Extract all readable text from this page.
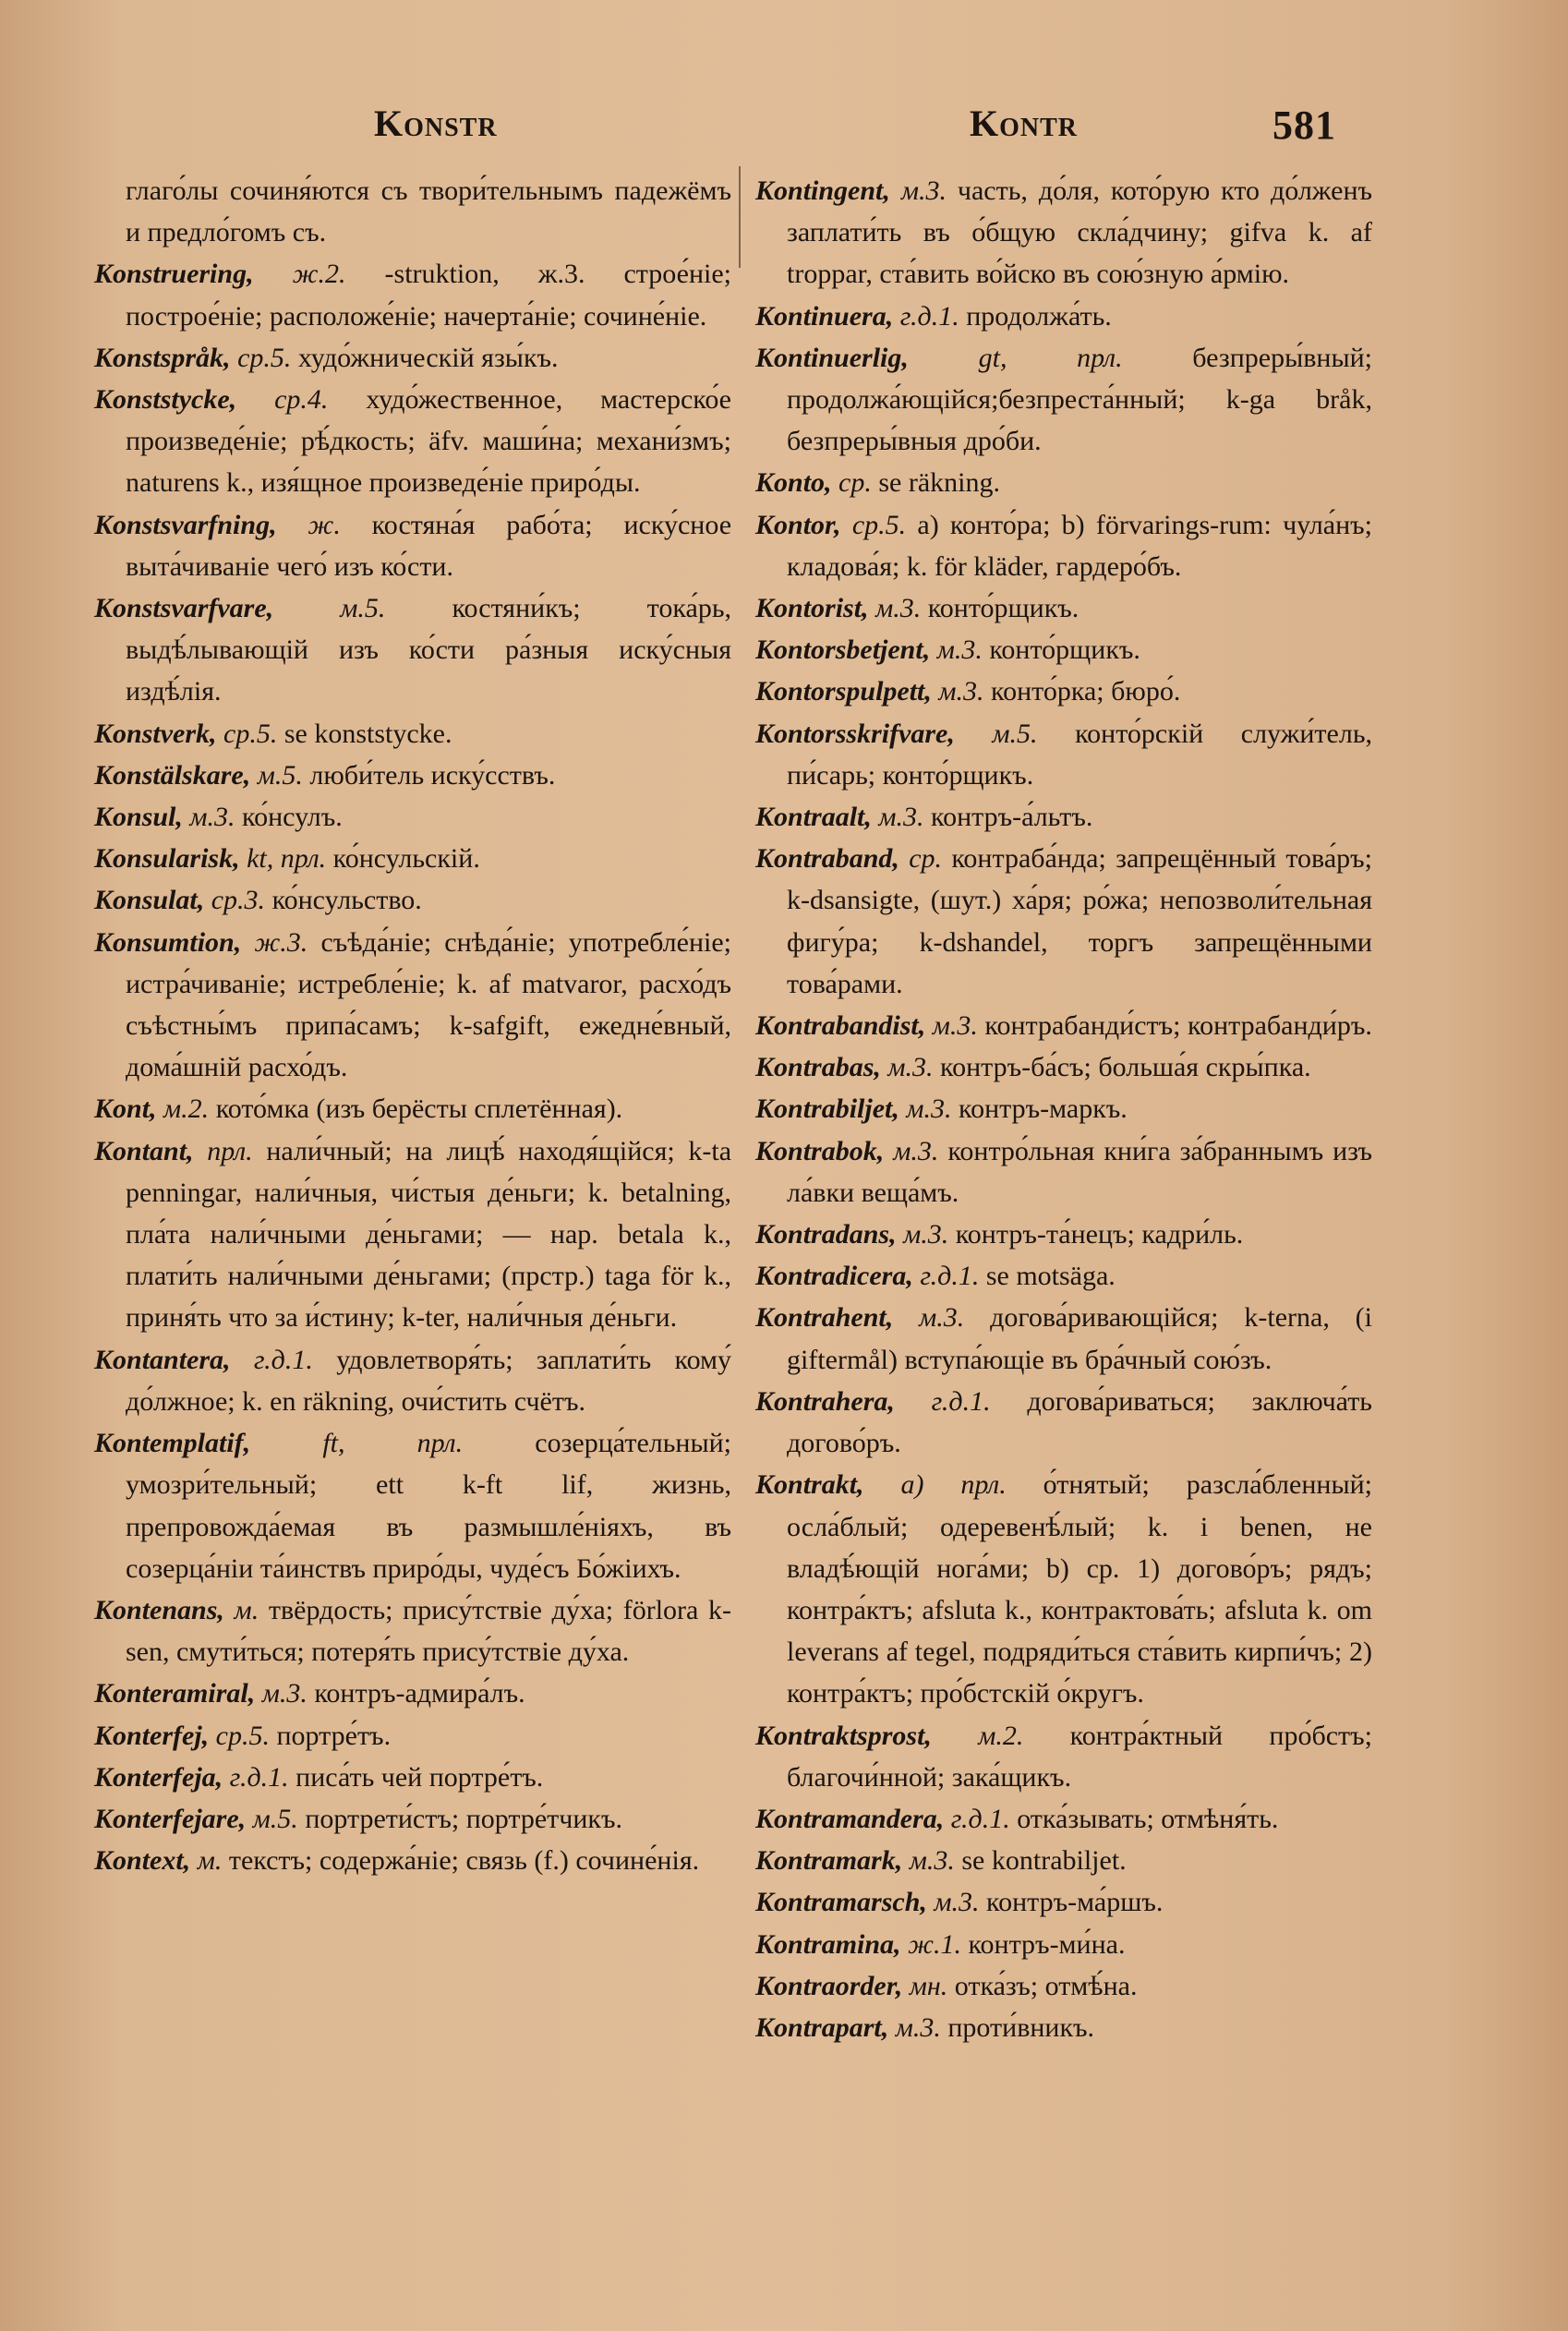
Konstr	Kontr	581

глаго́лы сочиня́ются съ твори́тельнымъ падежёмъ и предло́гомъ съ.

Konstruering, ж.2. -struktion, ж.3. строе́ніе; построе́ніе; расположе́ніе; начерта́ніе; сочине́ніе.

Konstspråk, ср.5. худо́жническій язы́къ.

Konststycke, ср.4. худо́жественное, мастерско́е произведе́ніе; рѣ́дкость; äfv. маши́на; механи́змъ; naturens k., изя́щное произведе́ніе приро́ды.

Konstsvarfning, ж. костяна́я рабо́та; иску́сное выта́чиваніе чего́ изъ ко́сти.

Konstsvarfvare, м.5. костяни́къ; тока́рь, выдѣ́лывающій изъ ко́сти ра́зныя иску́сныя издѣ́лія.

Konstverk, ср.5. se konststycke.

Konstälskare, м.5. люби́тель иску́сствъ.

Konsul, м.3. ко́нсулъ.

Konsularisk, kt, прл. ко́нсульскій.

Konsulat, ср.3. ко́нсульство.

Konsumtion, ж.3. съѣда́ніе; снѣда́ніе; употребле́ніе; истра́чиваніе; истребле́ніе; k. af matvaror, расхо́дъ съѣстны́мъ припа́самъ; k-safgift, ежедне́вный, дома́шній расхо́дъ.

Kont, м.2. кото́мка (изъ берёсты сплетённая).

Kontant, прл. нали́чный; на лицѣ́ находя́щійся; k-ta penningar, нали́чныя, чи́стыя де́ньги; k. betalning, пла́та нали́чными де́ньгами; — нар. betala k., плати́ть нали́чными де́ньгами; (прстр.) taga för k., приня́ть что за и́стину; k-ter, нали́чныя де́ньги.

Kontantera, г.д.1. удовлетворя́ть; заплати́ть кому́ до́лжное; k. en räkning, очи́стить счётъ.

Kontemplatif,	ft, прл.	созерца́тельный; умозри́тельный; ett k-ft lif, жизнь, препровожда́емая въ размышле́ніяхъ, въ созерца́ніи та́инствъ приро́ды, чуде́съ Бо́жіихъ.

Kontenans, м. твёрдость; прису́тствіе ду́ха; förlora k-sen, смути́ться; потеря́ть прису́тствіе ду́ха.

Konteramiral, м.3. контръ-адмира́лъ.

Konterfej, ср.5. портре́тъ.

Konterfeja, г.д.1. писа́ть чей портре́тъ.

Konterfejare, м.5. портрети́стъ; портре́тчикъ.

Kontext, м. текстъ; содержа́ніе; связь (f.) сочине́нія.

Kontingent, м.3. часть, до́ля, кото́рую кто до́лженъ заплати́ть въ о́бщую скла́дчину; gifva k. af troppar, ста́вить во́йско въ сою́зную а́рмію.

Kontinuera, г.д.1. продолжа́ть.

Kontinuerlig,	gt, прл.	безпреры́вный; продолжа́ющійся;безпреста́нный; k-ga bråk, безпреры́вныя дро́би.

Konto, ср. se räkning.

Kontor, ср.5. а) конто́ра; b) förvarings-rum: чула́нъ; кладова́я; k. för kläder, гардеро́бъ.

Kontorist, м.3. конто́рщикъ.

Kontorsbetjent, м.3. конто́рщикъ.

Kontorspulpett, м.3. конто́рка; бюро́.

Kontorsskrifvare, м.5. конто́рскій служи́тель, пи́сарь; конто́рщикъ.

Kontraalt, м.3. контръ-а́льтъ.

Kontraband, ср. контраба́нда; запрещённый това́ръ; k-dsansigte, (шут.) ха́ря; ро́жа; непозволи́тельная фигу́ра; k-dshandel, торгъ запрещёнными това́рами.

Kontrabandist, м.3. контрабанди́стъ; контрабанди́ръ.

Kontrabas, м.3. контръ-ба́съ; больша́я скры́пка.

Kontrabiljet, м.3. контръ-маркъ.

Kontrabok, м.3. контро́льная кни́га за́браннымъ изъ ла́вки веща́мъ.

Kontradans, м.3. контръ-та́нецъ; кадри́ль.

Kontradicera, г.д.1. se motsäga.

Kontrahent, м.3. догова́ривающійся; k-terna, (i giftermål) вступа́ющіе въ бра́чный сою́зъ.

Kontrahera, г.д.1. догова́риваться; заключа́ть догово́ръ.

Kontrakt, а) прл. о́тнятый; разсла́бленный; осла́блый; одеревенѣ́лый; k. i benen, не владѣ́ющій нога́ми; b) ср. 1) догово́ръ; рядъ; контра́ктъ; afsluta k., контрактова́ть; afsluta k. om leverans af tegel, подряди́ться ста́вить кирпи́чъ; 2) контра́ктъ; про́бстскій о́кругъ.

Kontraktsprost, м.2. контра́ктный про́бстъ; благочи́нной; зака́щикъ.

Kontramandera, г.д.1. отка́зывать; отмѣня́ть.

Kontramark, м.3. se kontrabiljet.

Kontramarsch, м.3. контръ-ма́ршъ.

Kontramina, ж.1. контръ-ми́на.

Kontraorder, мн. отка́зъ; отмѣ́на.

Kontrapart, м.3. проти́вникъ.
